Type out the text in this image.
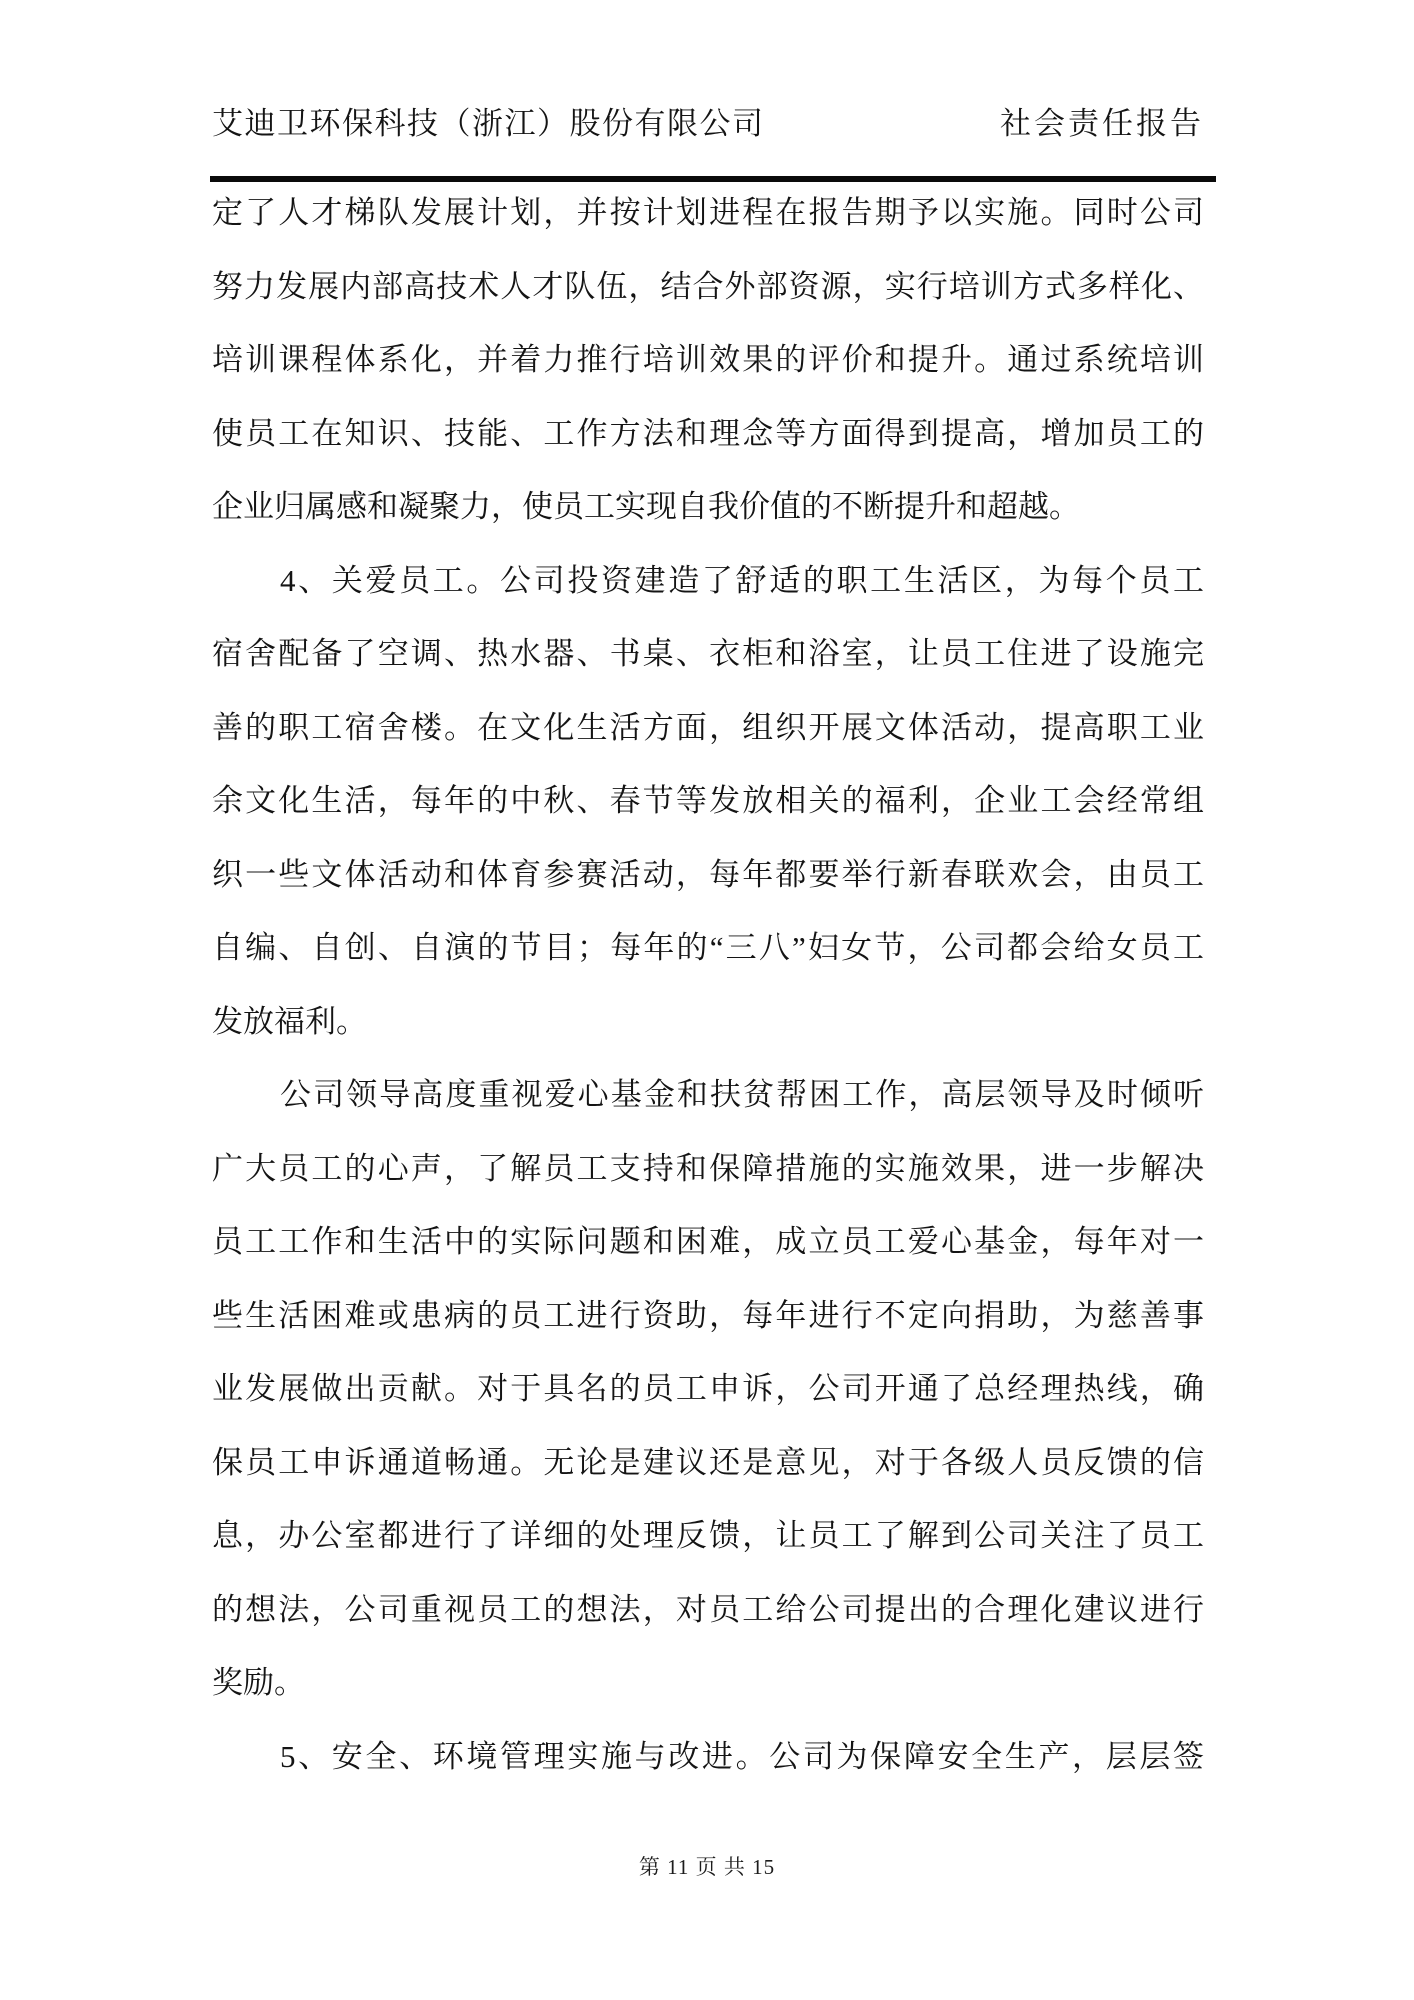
艾迪卫环保科技（浙江）股份有限公司	社会责任报告
定了人才梯队发展计划，并按计划进程在报告期予以实施。同时公司
努力发展内部高技术人才队伍，结合外部资源，实行培训方式多样化、
培训课程体系化，并着力推行培训效果的评价和提升。通过系统培训
使员工在知识、技能、工作方法和理念等方面得到提高，增加员工的
企业归属感和凝聚力，使员工实现自我价值的不断提升和超越。
4、关爱员工。公司投资建造了舒适的职工生活区，为每个员工
宿舍配备了空调、热水器、书桌、衣柜和浴室，让员工住进了设施完
善的职工宿舍楼。在文化生活方面，组织开展文体活动，提高职工业
余文化生活，每年的中秋、春节等发放相关的福利，企业工会经常组
织一些文体活动和体育参赛活动，每年都要举行新春联欢会，由员工
自编、自创、自演的节目；每年的“三八”妇女节，公司都会给女员工
发放福利。
公司领导高度重视爱心基金和扶贫帮困工作，高层领导及时倾听
广大员工的心声，了解员工支持和保障措施的实施效果，进一步解决
员工工作和生活中的实际问题和困难，成立员工爱心基金，每年对一
些生活困难或患病的员工进行资助，每年进行不定向捐助，为慈善事
业发展做出贡献。对于具名的员工申诉，公司开通了总经理热线，确
保员工申诉通道畅通。无论是建议还是意见，对于各级人员反馈的信
息，办公室都进行了详细的处理反馈，让员工了解到公司关注了员工
的想法，公司重视员工的想法，对员工给公司提出的合理化建议进行
奖励。
5、安全、环境管理实施与改进。公司为保障安全生产，层层签
第 11 页 共 15
